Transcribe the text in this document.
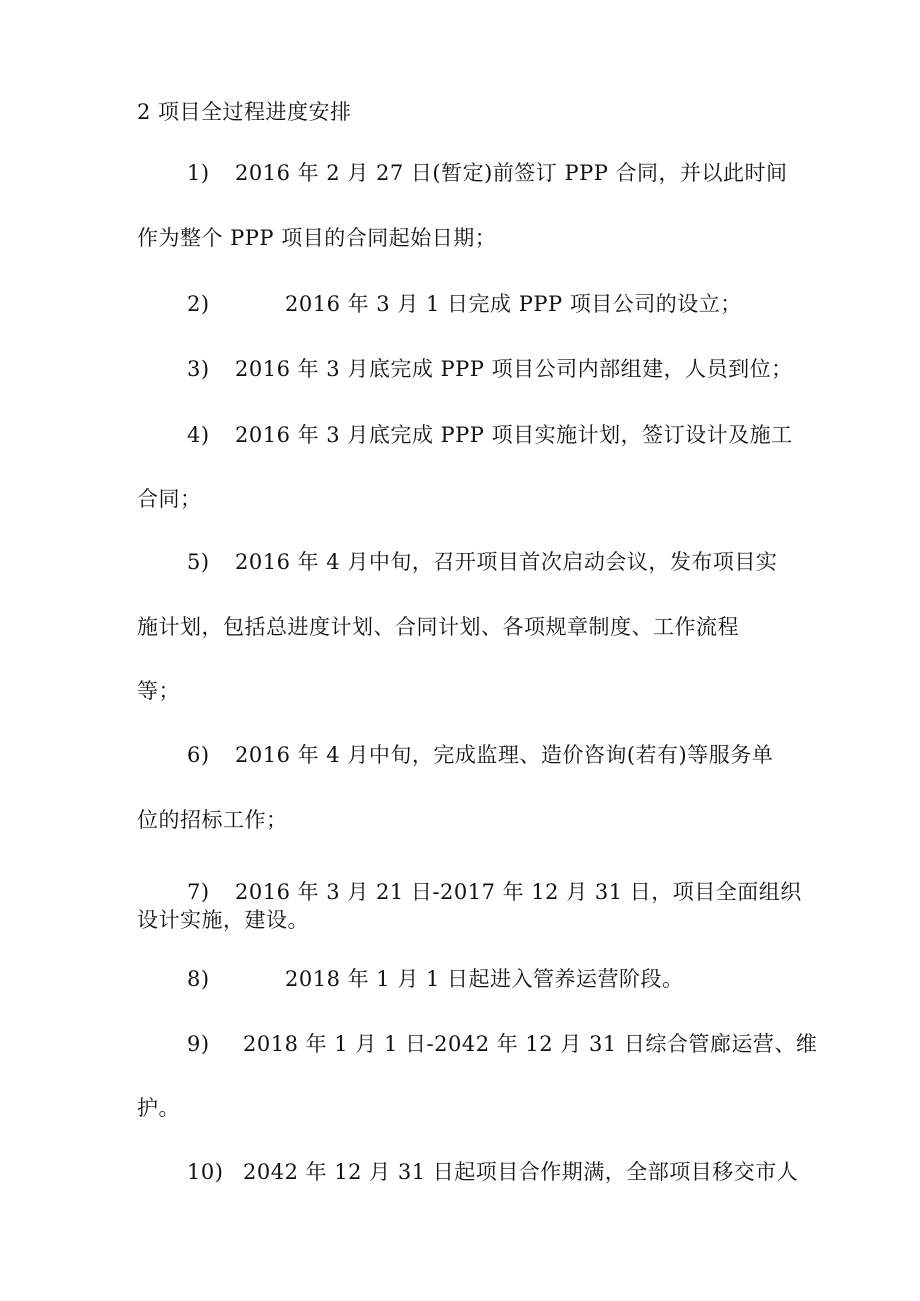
2 项目全过程进度安排
1) 2016 年 2 月 27 日(暂定)前签订 PPP 合同，并以此时间
作为整个 PPP 项目的合同起始日期；
2)	2016 年 3 月 1 日完成 PPP 项目公司的设立；
3) 2016 年 3 月底完成 PPP 项目公司内部组建，人员到位；
4) 2016 年 3 月底完成 PPP 项目实施计划，签订设计及施工
合同；
5) 2016 年 4 月中旬，召开项目首次启动会议，发布项目实
施计划，包括总进度计划、合同计划、各项规章制度、工作流程
等；
6) 2016 年 4 月中旬，完成监理、造价咨询(若有)等服务单
位的招标工作；
7) 2016 年 3 月 21 日-2017 年 12 月 31 日，项目全面组织
设计实施，建设。
8)	2018 年 1 月 1 日起进入管养运营阶段。
9) 2018 年 1 月 1 日-2042 年 12 月 31 日综合管廊运营、维
护。
10) 2042 年 12 月 31 日起项目合作期满，全部项目移交市人
